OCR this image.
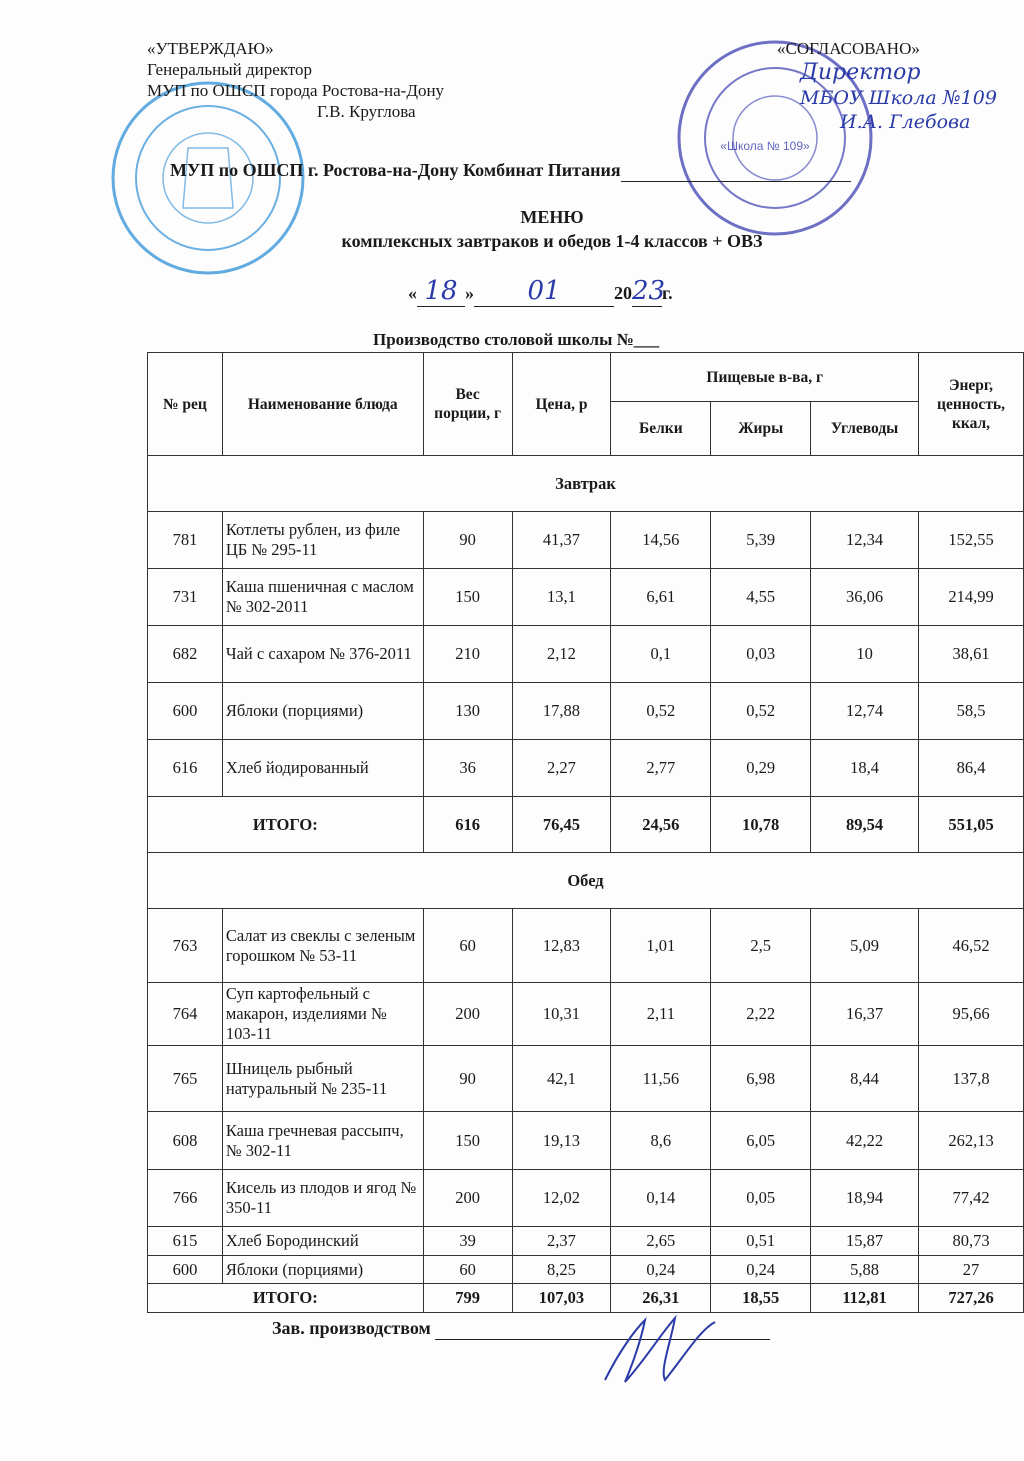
«Школа № 109»
«УТВЕРЖДАЮ»
Генеральный директор
МУП по ОШСП города Ростова-на-Дону
Г.В. Круглова
«СОГЛАСОВАНО»
Директор
МБОУ Школа №109
И.А. Глебова
МУП по ОШСП г. Ростова-на-Дону Комбинат Питания
МЕНЮ
комплексных завтраков и обедов 1-4 классов + ОВЗ
« 18 » 01	2023г.
Производство столовой школы №___
№ рец	Наименование блюда	Вес порции, г	Цена, р	Пищевые в-ва, г			Энерг, ценность, ккал,
				Белки	Жиры	Углеводы	
Завтрак							
781	Котлеты рублен, из филе ЦБ № 295-11	90	41,37	14,56	5,39	12,34	152,55
731	Каша пшеничная с маслом № 302-2011	150	13,1	6,61	4,55	36,06	214,99
682	Чай с сахаром № 376-2011	210	2,12	0,1	0,03	10	38,61
600	Яблоки (порциями)	130	17,88	0,52	0,52	12,74	58,5
616	Хлеб йодированный	36	2,27	2,77	0,29	18,4	86,4
ИТОГО:		616	76,45	24,56	10,78	89,54	551,05
Обед							
763	Салат из свеклы с зеленым горошком № 53-11	60	12,83	1,01	2,5	5,09	46,52
764	Суп картофельный с макарон, изделиями № 103-11	200	10,31	2,11	2,22	16,37	95,66
765	Шницель рыбный натуральный № 235-11	90	42,1	11,56	6,98	8,44	137,8
608	Каша гречневая рассыпч, № 302-11	150	19,13	8,6	6,05	42,22	262,13
766	Кисель из плодов и ягод № 350-11	200	12,02	0,14	0,05	18,94	77,42
615	Хлеб Бородинский	39	2,37	2,65	0,51	15,87	80,73
600	Яблоки (порциями)	60	8,25	0,24	0,24	5,88	27
ИТОГО:		799	107,03	26,31	18,55	112,81	727,26
Зав. производством
